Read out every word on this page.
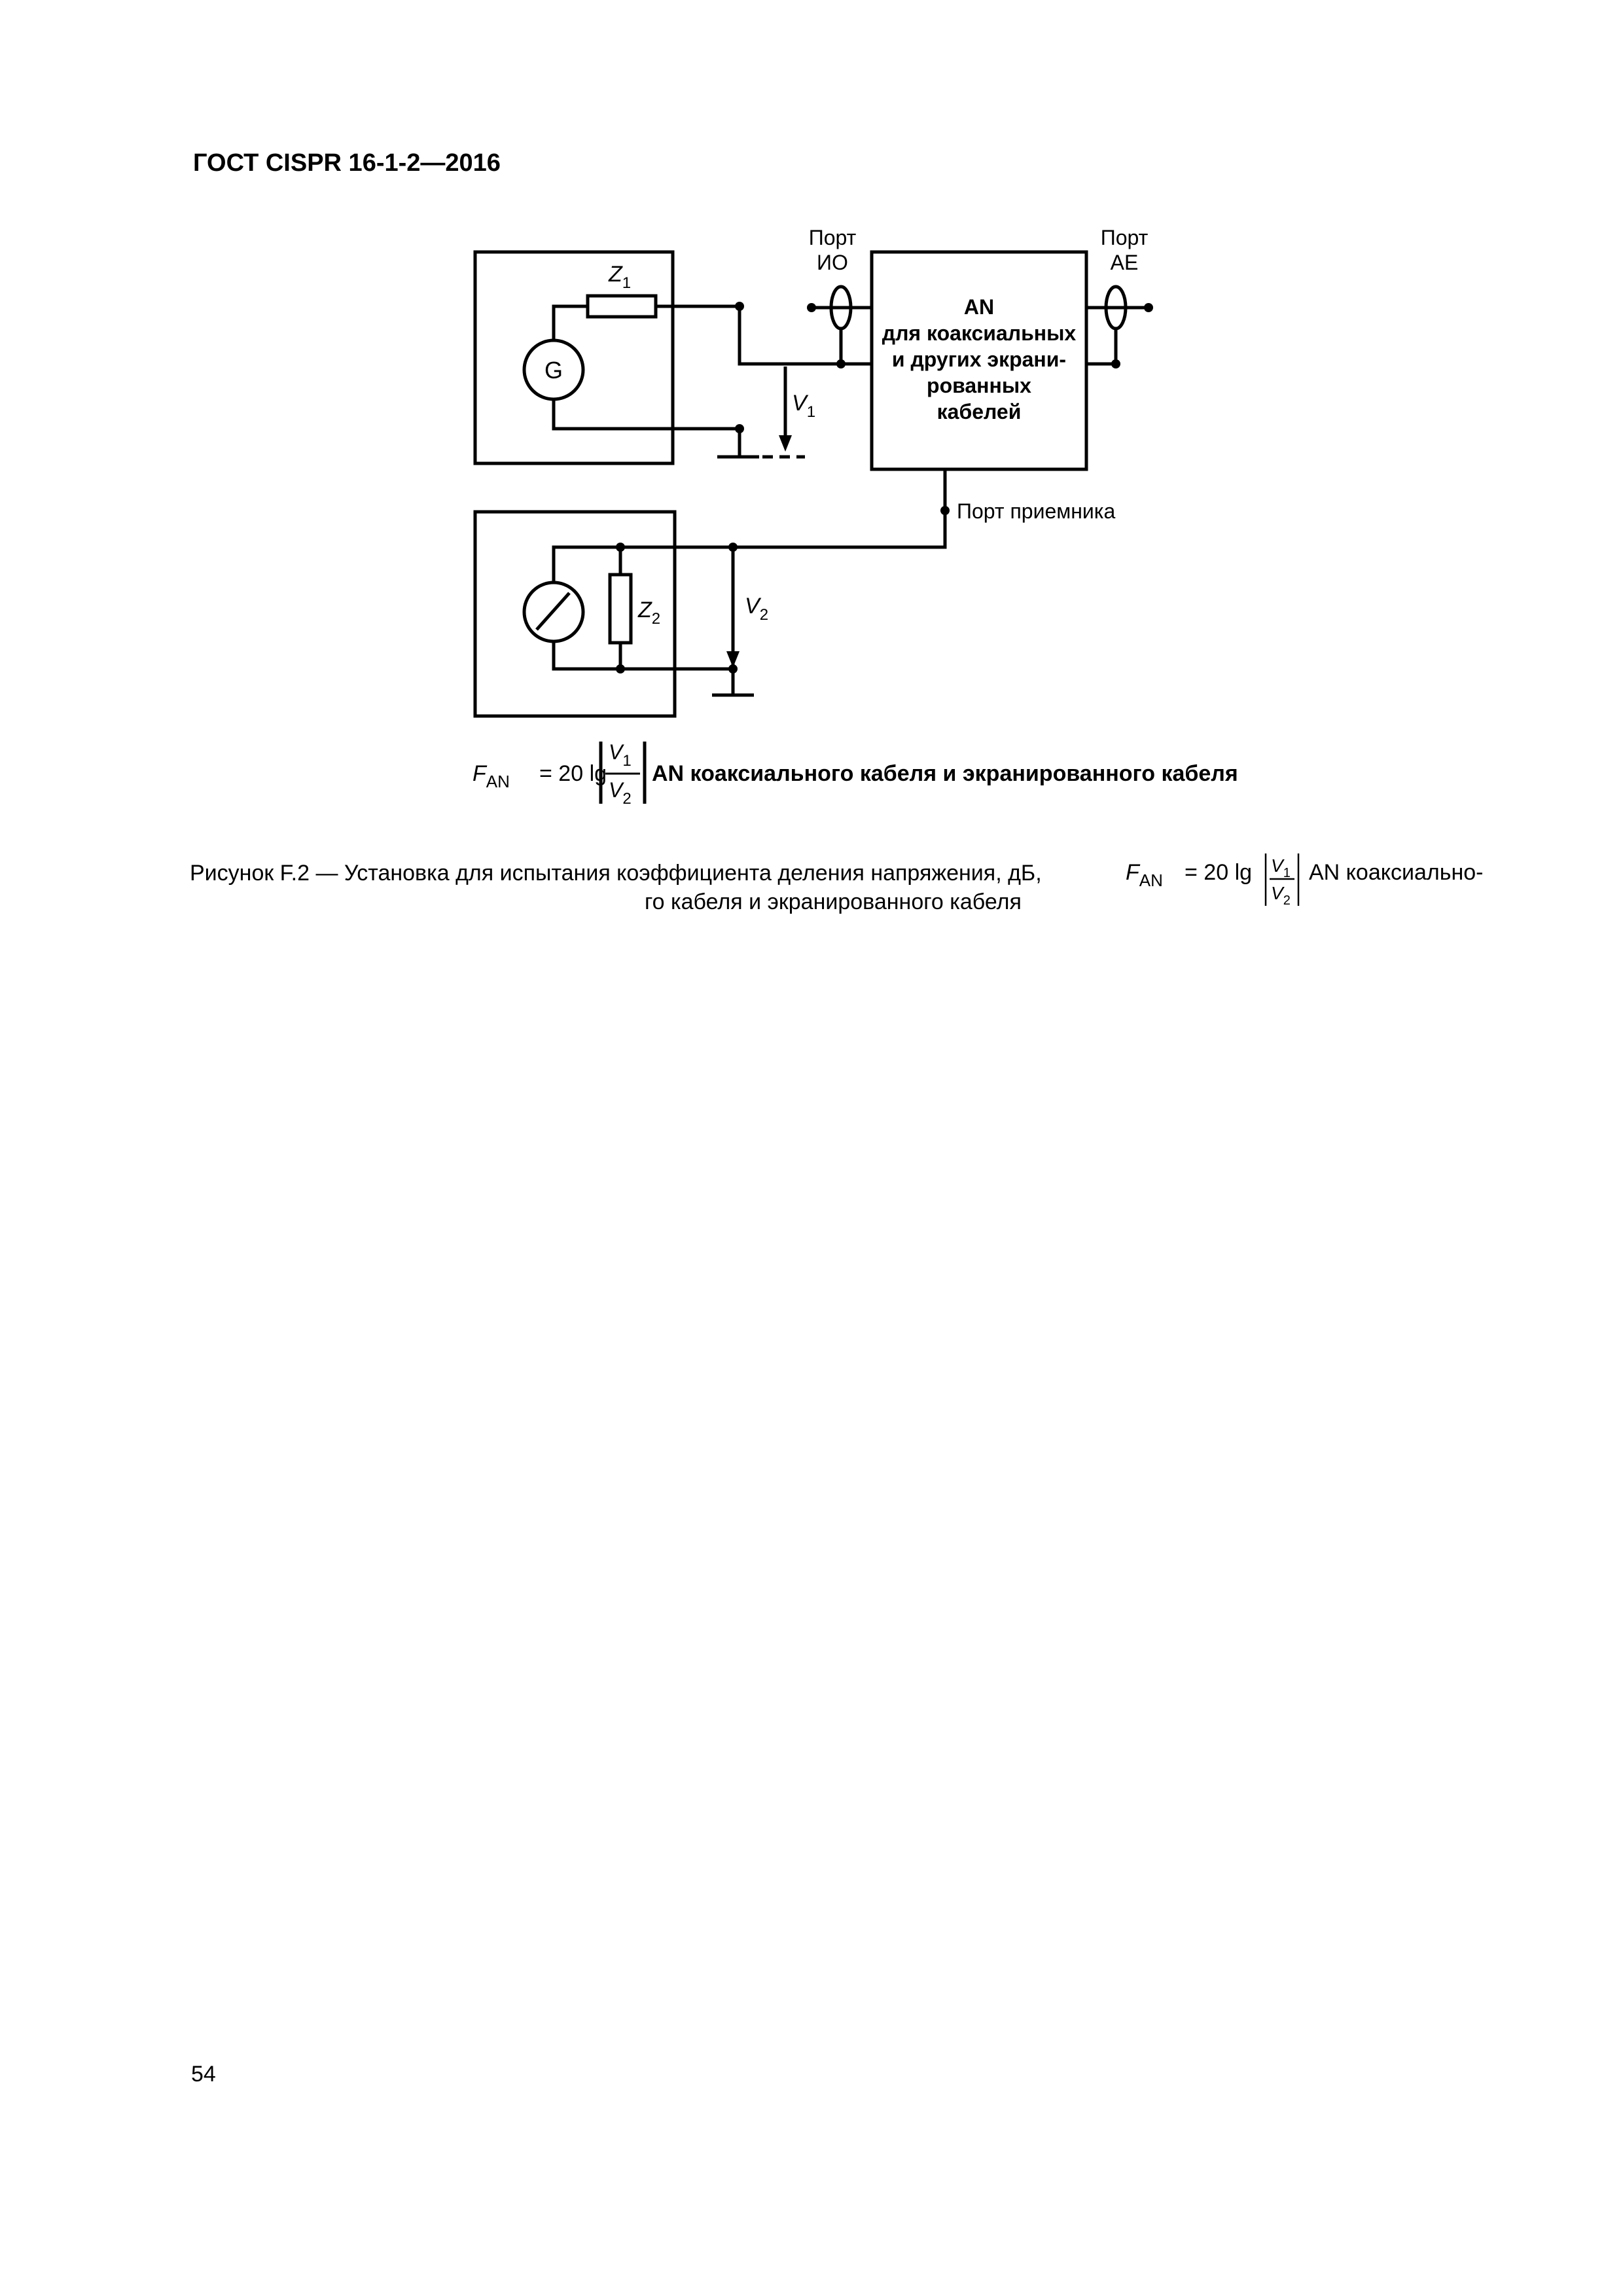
ГОСТ CISPR 16-1-2—2016
G
$Z_1$
$Z_2$
$V_1$
$V_2$
Порт
ИО
Порт
AE
AN
для коаксиальных
и других экрани-
рованных
кабелей
Порт приемника
$F_{AN} = 20$ lg
$V_1$
$V_2$
AN коаксиального кабеля и экранированного кабеля
Рисунок F.2 — Установка для испытания коэффициента деления напряжения, дБ,	$F_{AN} = 20$ $\lg V_1$
$V_2$
AN коаксиально-
го кабеля и экранированного кабеля
54
